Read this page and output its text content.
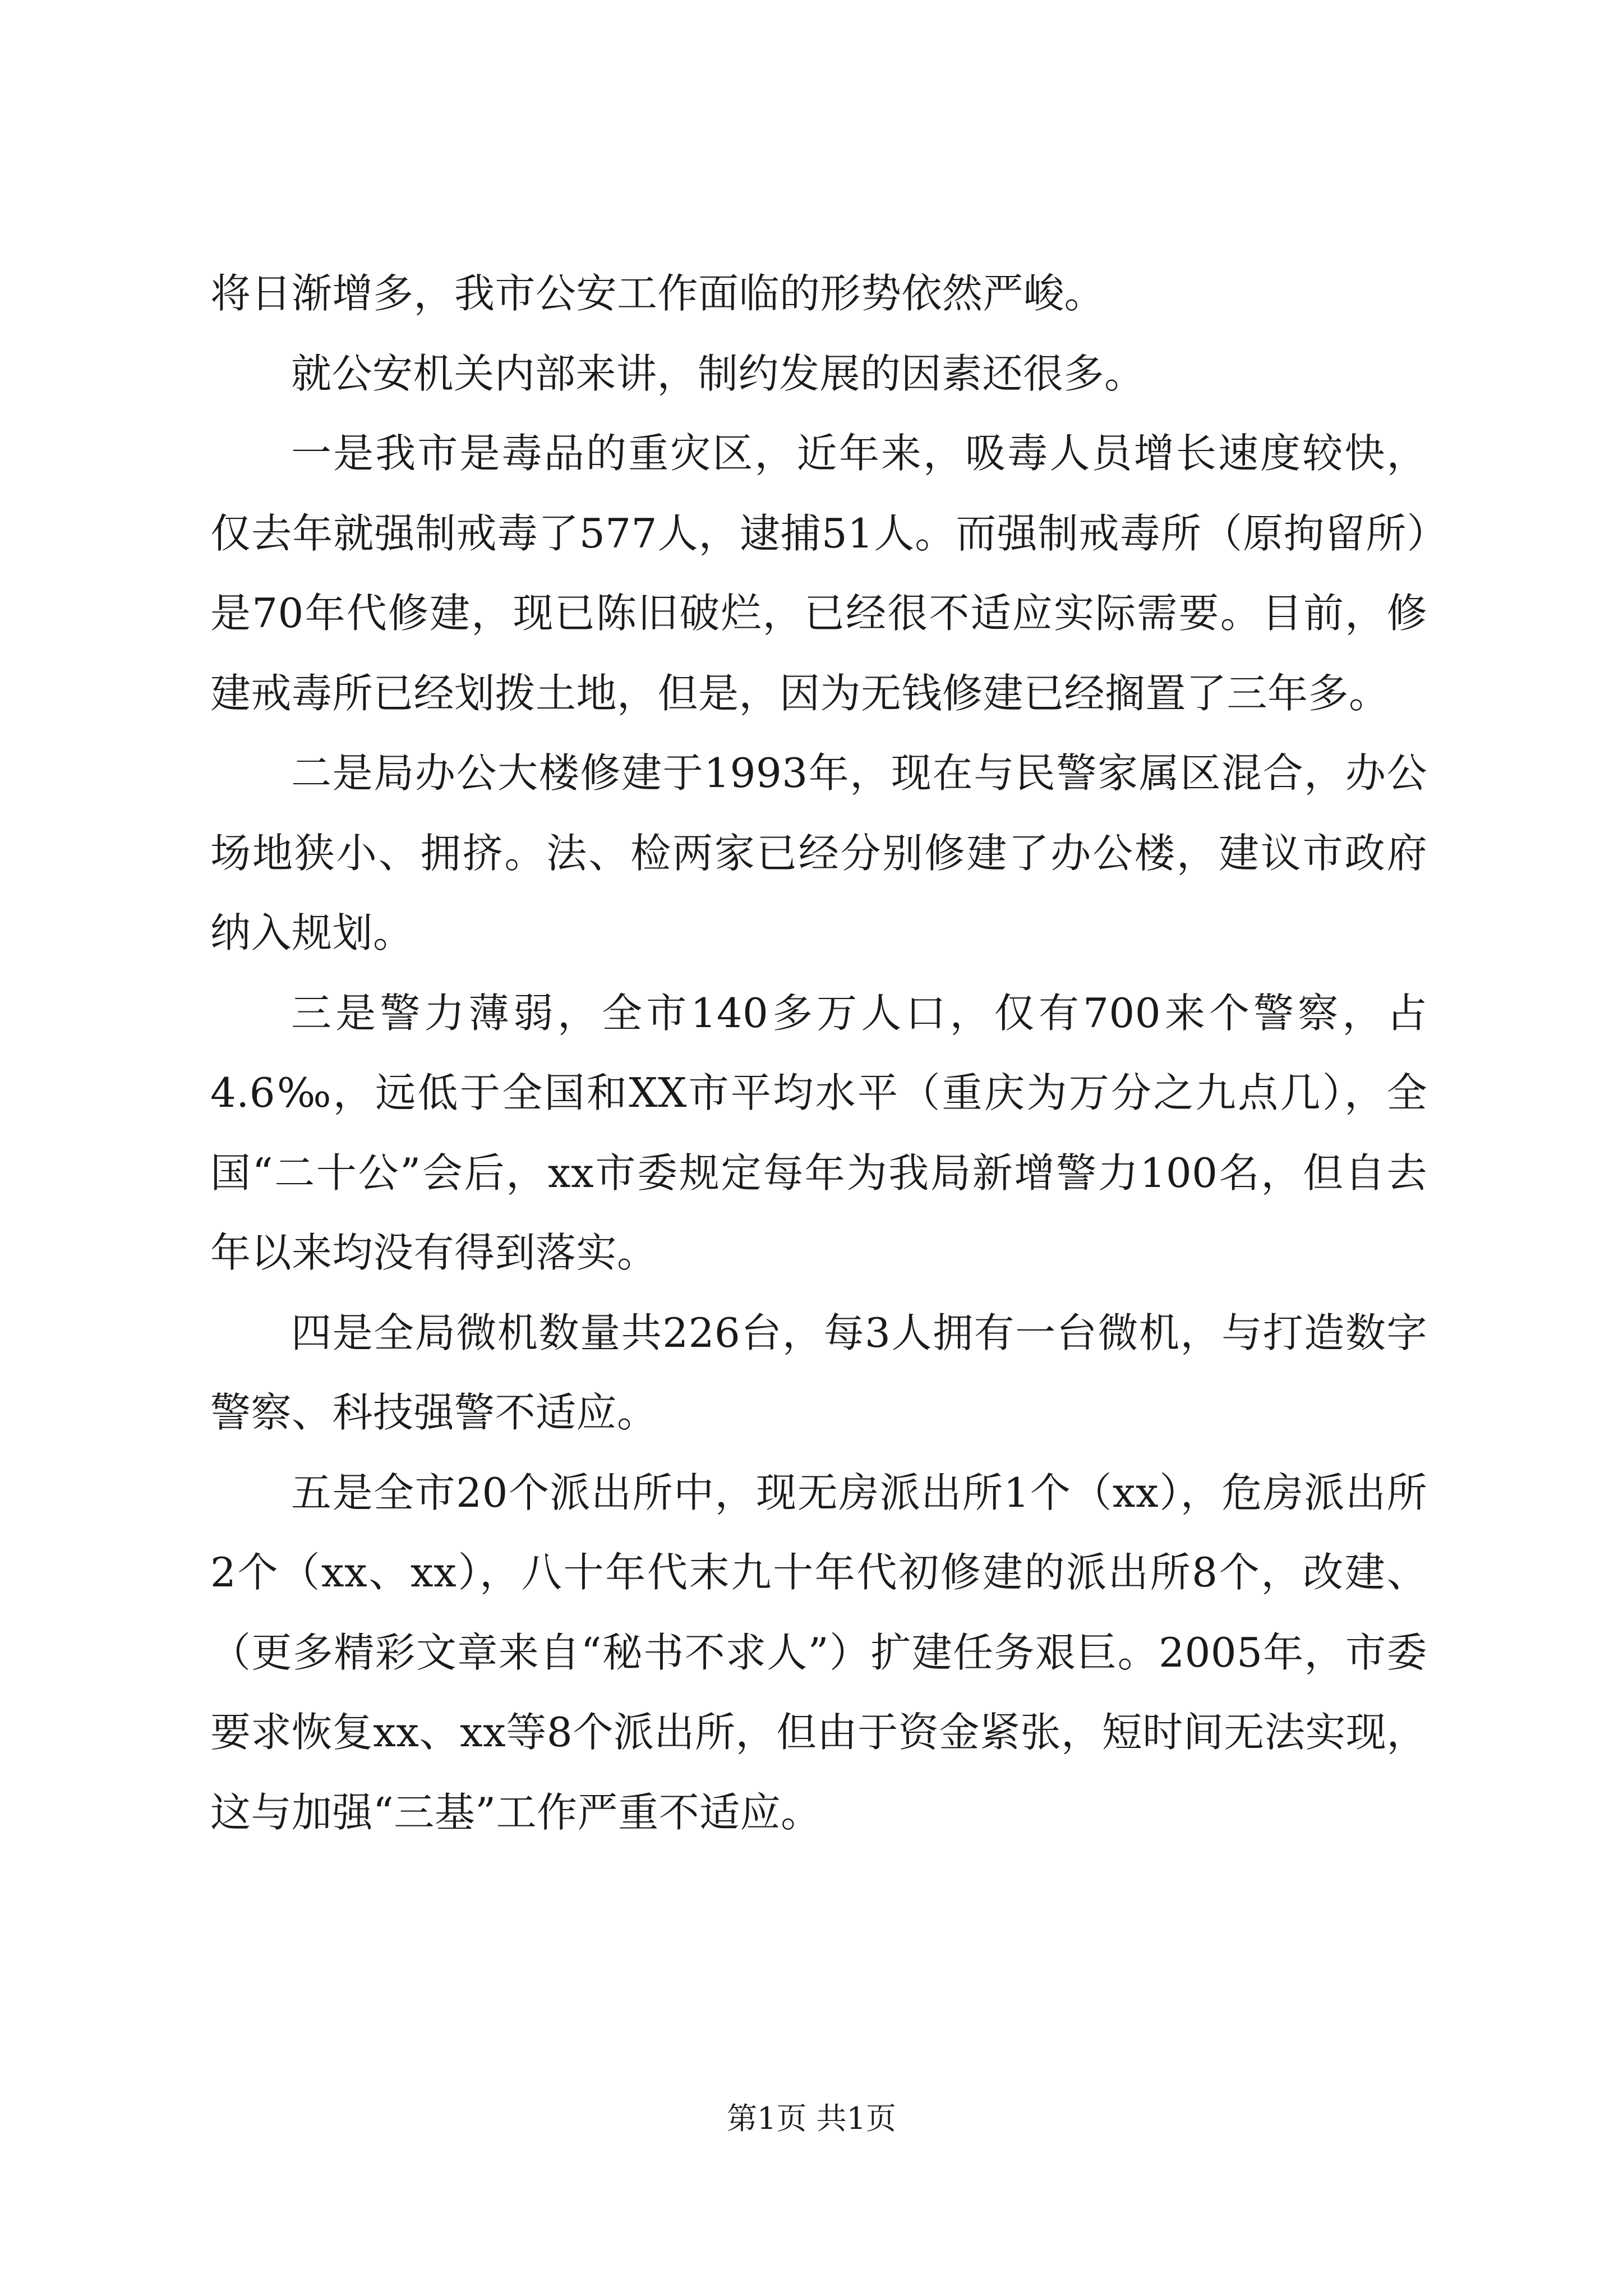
将日渐增多，我市公安工作面临的形势依然严峻。

就公安机关内部来讲，制约发展的因素还很多。

一是我市是毒品的重灾区，近年来，吸毒人员增长速度较快，仅去年就强制戒毒了577人，逮捕51人。而强制戒毒所（原拘留所）是70年代修建，现已陈旧破烂，已经很不适应实际需要。目前，修建戒毒所已经划拨土地，但是，因为无钱修建已经搁置了三年多。

二是局办公大楼修建于1993年，现在与民警家属区混合，办公场地狭小、拥挤。法、检两家已经分别修建了办公楼，建议市政府纳入规划。

三是警力薄弱，全市140多万人口，仅有700来个警察，占4.6‰，远低于全国和XX市平均水平（重庆为万分之九点几），全国“二十公”会后，xx市委规定每年为我局新增警力100名，但自去年以来均没有得到落实。

四是全局微机数量共226台，每3人拥有一台微机，与打造数字警察、科技强警不适应。

五是全市20个派出所中，现无房派出所1个（xx），危房派出所2个（xx、xx），八十年代末九十年代初修建的派出所8个，改建、（更多精彩文章来自“秘书不求人”）扩建任务艰巨。2005年，市委要求恢复xx、xx等8个派出所，但由于资金紧张，短时间无法实现，这与加强“三基”工作严重不适应。

第1页 共1页
